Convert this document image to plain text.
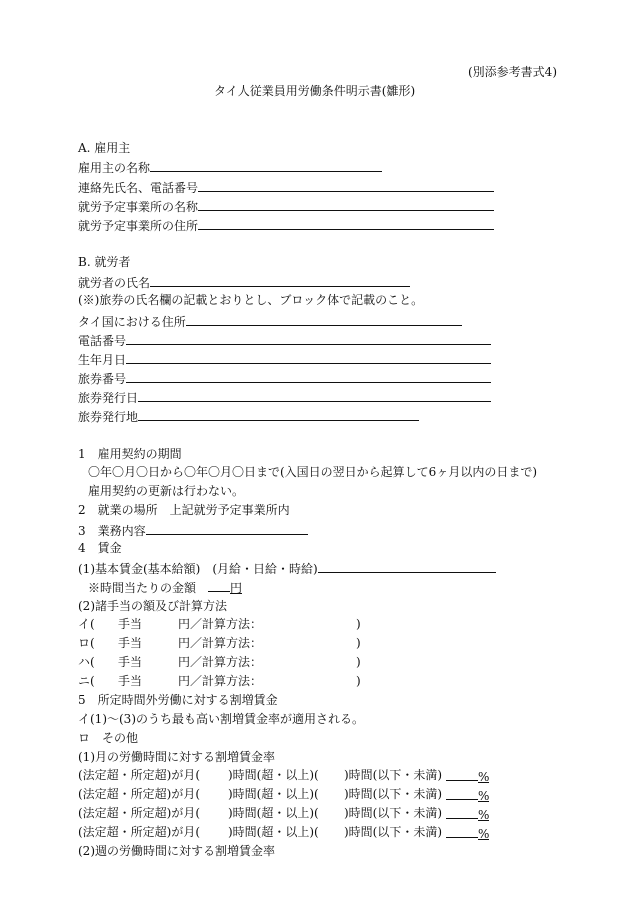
(別添参考書式4)
タイ人従業員用労働条件明示書(雛形)
A. 雇用主
雇用主の名称
連絡先氏名、電話番号
就労予定事業所の名称
就労予定事業所の住所
B. 就労者
就労者の氏名
(※)旅券の氏名欄の記載とおりとし、ブロック体で記載のこと。
タイ国における住所
電話番号
生年月日
旅券番号
旅券発行日
旅券発行地
1　雇用契約の期間
〇年〇月〇日から〇年〇月〇日まで(入国日の翌日から起算して6ヶ月以内の日まで)
雇用契約の更新は行わない。
2　就業の場所　上記就労予定事業所内
3　業務内容
4　賃金
(1)基本賃金(基本給額)　(月給・日給・時給)
※時間当たりの金額	円
(2)諸手当の額及び計算方法
イ( 手当	円／計算方法：	)
ロ( 手当	円／計算方法：	)
ハ( 手当	円／計算方法：	)
ニ( 手当	円／計算方法：	)
5　所定時間外労働に対する割増賃金
イ(1)～(3)のうち最も高い割増賃金率が適用される。
ロ　その他
(1)月の労働時間に対する割増賃金率
(法定超・所定超)が月( )時間(超・以上)( )時間(以下・未満)	%
(法定超・所定超)が月( )時間(超・以上)( )時間(以下・未満)	%
(法定超・所定超)が月( )時間(超・以上)( )時間(以下・未満)	%
(法定超・所定超)が月( )時間(超・以上)( )時間(以下・未満)	%
(2)週の労働時間に対する割増賃金率
